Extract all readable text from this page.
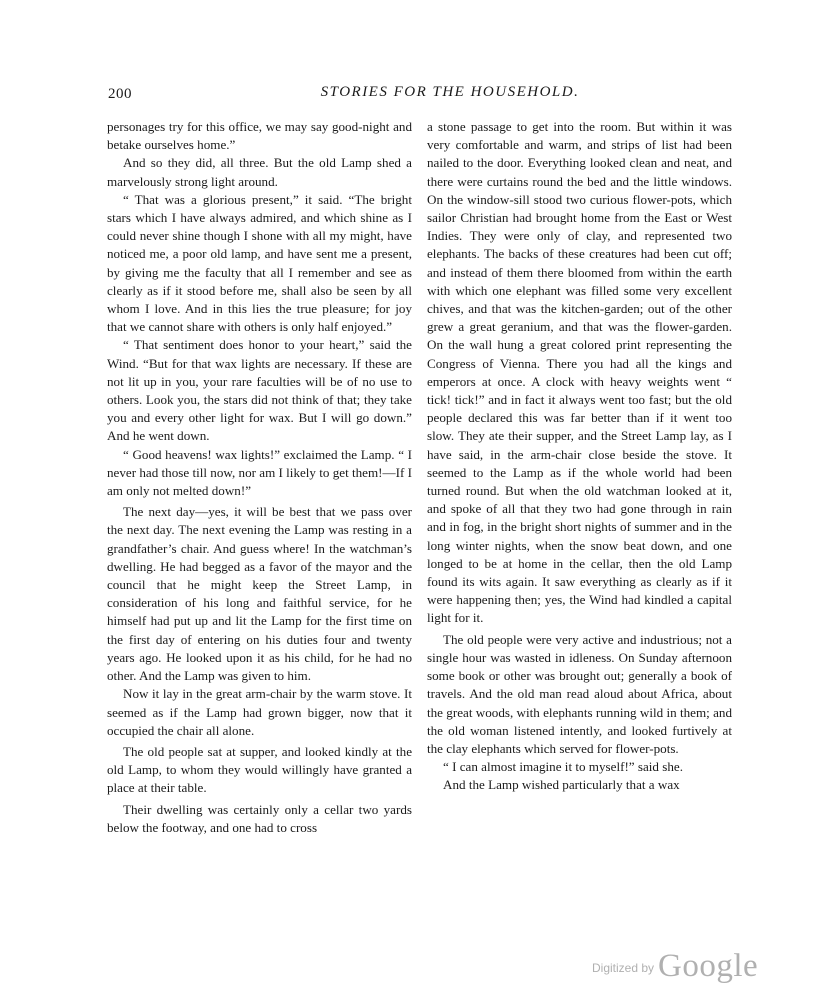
200	STORIES FOR THE HOUSEHOLD.

personages try for this office, we may say good-night and betake ourselves home.”

And so they did, all three. But the old Lamp shed a marvelously strong light around.

“ That was a glorious present,” it said. “The bright stars which I have always admired, and which shine as I could never shine though I shone with all my might, have noticed me, a poor old lamp, and have sent me a present, by giving me the faculty that all I remember and see as clearly as if it stood before me, shall also be seen by all whom I love. And in this lies the true pleasure; for joy that we cannot share with others is only half enjoyed.”

“ That sentiment does honor to your heart,” said the Wind. “But for that wax lights are necessary. If these are not lit up in you, your rare faculties will be of no use to others. Look you, the stars did not think of that; they take you and every other light for wax. But I will go down.” And he went down.

“ Good heavens! wax lights!” exclaimed the Lamp. “ I never had those till now, nor am I likely to get them!—If I am only not melted down!”

The next day—yes, it will be best that we pass over the next day. The next evening the Lamp was resting in a grandfather’s chair. And guess where! In the watchman’s dwelling. He had begged as a favor of the mayor and the council that he might keep the Street Lamp, in consideration of his long and faithful service, for he himself had put up and lit the Lamp for the first time on the first day of entering on his duties four and twenty years ago. He looked upon it as his child, for he had no other. And the Lamp was given to him.

Now it lay in the great arm-chair by the warm stove. It seemed as if the Lamp had grown bigger, now that it occupied the chair all alone.

The old people sat at supper, and looked kindly at the old Lamp, to whom they would willingly have granted a place at their table.

Their dwelling was certainly only a cellar two yards below the footway, and one had to cross

a stone passage to get into the room. But within it was very comfortable and warm, and strips of list had been nailed to the door. Everything looked clean and neat, and there were curtains round the bed and the little windows. On the window-sill stood two curious flower-pots, which sailor Christian had brought home from the East or West Indies. They were only of clay, and represented two elephants. The backs of these creatures had been cut off; and instead of them there bloomed from within the earth with which one elephant was filled some very excellent chives, and that was the kitchen-garden; out of the other grew a great geranium, and that was the flower-garden. On the wall hung a great colored print representing the Congress of Vienna. There you had all the kings and emperors at once. A clock with heavy weights went “ tick! tick!” and in fact it always went too fast; but the old people declared this was far better than if it went too slow. They ate their supper, and the Street Lamp lay, as I have said, in the arm-chair close beside the stove. It seemed to the Lamp as if the whole world had been turned round. But when the old watchman looked at it, and spoke of all that they two had gone through in rain and in fog, in the bright short nights of summer and in the long winter nights, when the snow beat down, and one longed to be at home in the cellar, then the old Lamp found its wits again. It saw everything as clearly as if it were happening then; yes, the Wind had kindled a capital light for it.

The old people were very active and industrious; not a single hour was wasted in idleness. On Sunday afternoon some book or other was brought out; generally a book of travels. And the old man read aloud about Africa, about the great woods, with elephants running wild in them; and the old woman listened intently, and looked furtively at the clay elephants which served for flower-pots.

“ I can almost imagine it to myself!” said she.

And the Lamp wished particularly that a wax

$^{Digitized by}$ Google
